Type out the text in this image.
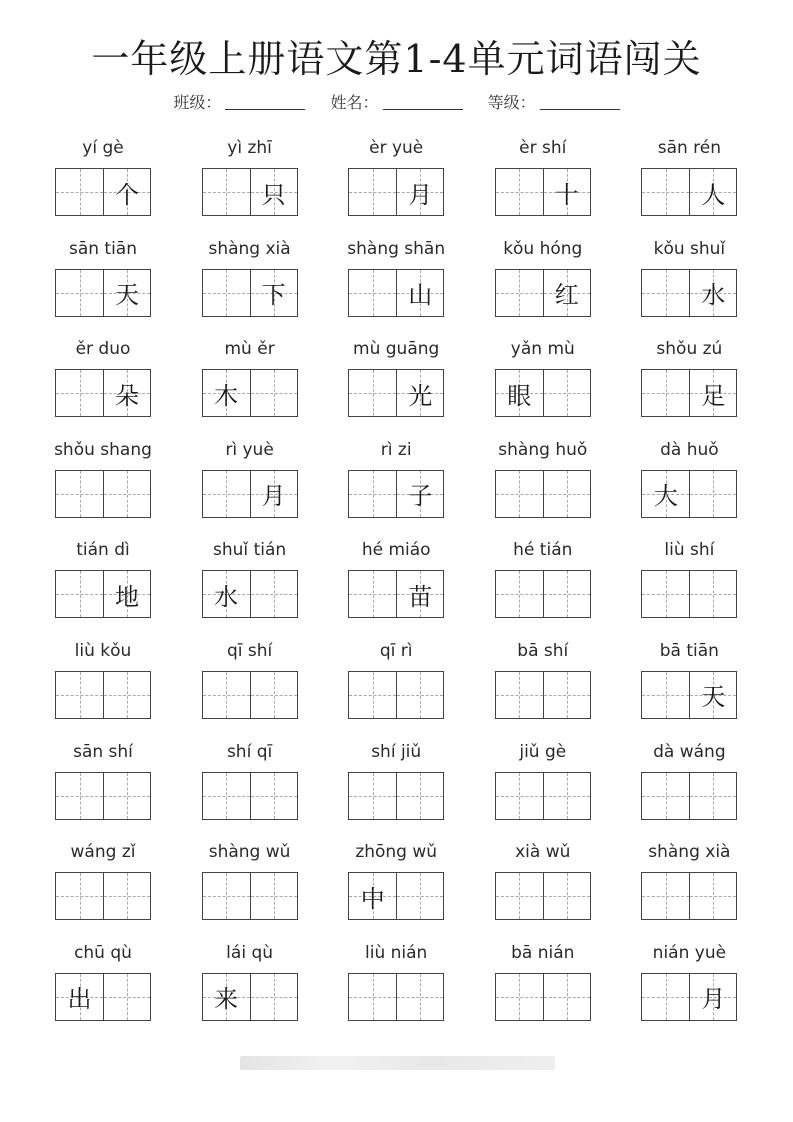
一年级上册语文第1-4单元词语闯关
班级：	姓名：	等级：
yí gè
个
yì zhī
只
èr yuè
月
èr shí
十
sān rén
人
sān tiān
天
shàng xià
下
shàng shān
山
kǒu hóng
红
kǒu shuǐ
水
ěr duo
朵
mù ěr
木
mù guāng
光
yǎn mù
眼
shǒu zú
足
shǒu shang	rì yuè
月
rì zi
子
shàng huǒ	dà huǒ
大
tián dì
地
shuǐ tián
水
hé miáo
苗
hé tián	liù shí
liù kǒu	qī shí	qī rì	bā shí	bā tiān
天
sān shí	shí qī	shí jiǔ	jiǔ gè	dà wáng
wáng zǐ	shàng wǔ	zhōng wǔ
中
xià wǔ	shàng xià
chū qù
出
lái qù
来
liù nián	bā nián	nián yuè
月
